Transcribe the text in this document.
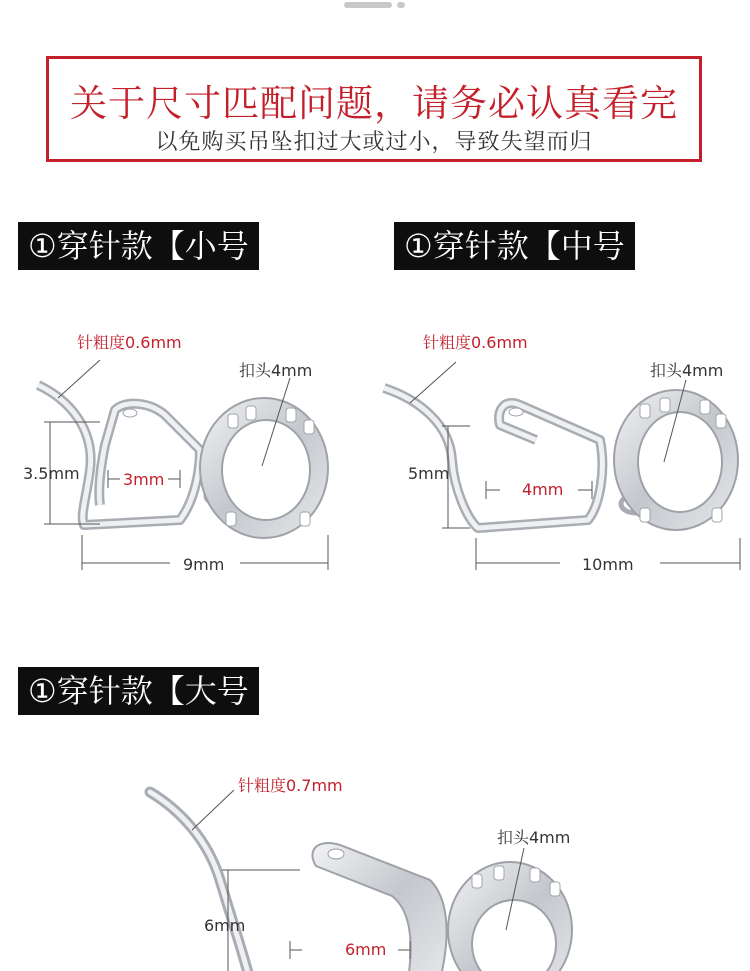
关于尺寸匹配问题，请务必认真看完
以免购买吊坠扣过大或过小，导致失望而归
①穿针款【小号	①穿针款【中号
①穿针款【大号
针粗度0.6mm
扣头4mm
3.5mm	3mm
9mm
针粗度0.6mm
扣头4mm
5mm
4mm
10mm
针粗度0.7mm
扣头4mm
6mm
6mm
